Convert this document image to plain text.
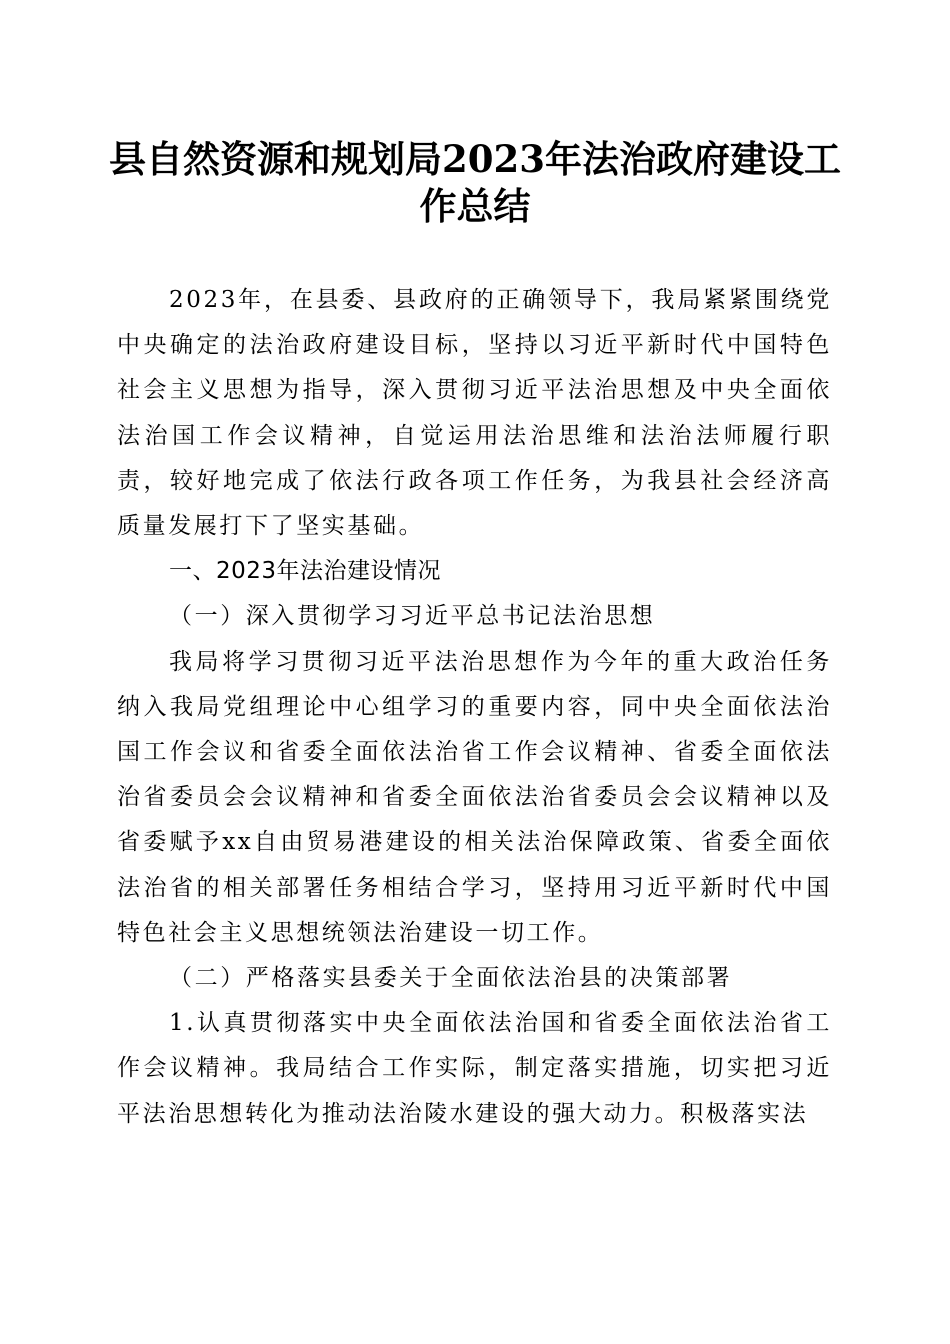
县自然资源和规划局2023年法治政府建设工
作总结

2023年，在县委、县政府的正确领导下，我局紧紧围绕党中央确定的法治政府建设目标，坚持以习近平新时代中国特色社会主义思想为指导，深入贯彻习近平法治思想及中央全面依法治国工作会议精神，自觉运用法治思维和法治法师履行职责，较好地完成了依法行政各项工作任务，为我县社会经济高质量发展打下了坚实基础。

一、2023年法治建设情况

（一）深入贯彻学习习近平总书记法治思想

我局将学习贯彻习近平法治思想作为今年的重大政治任务纳入我局党组理论中心组学习的重要内容，同中央全面依法治国工作会议和省委全面依法治省工作会议精神、省委全面依法治省委员会会议精神和省委全面依法治省委员会会议精神以及省委赋予xx自由贸易港建设的相关法治保障政策、省委全面依法治省的相关部署任务相结合学习，坚持用习近平新时代中国特色社会主义思想统领法治建设一切工作。

（二）严格落实县委关于全面依法治县的决策部署

1.认真贯彻落实中央全面依法治国和省委全面依法治省工作会议精神。我局结合工作实际，制定落实措施，切实把习近平法治思想转化为推动法治陵水建设的强大动力。积极落实法
